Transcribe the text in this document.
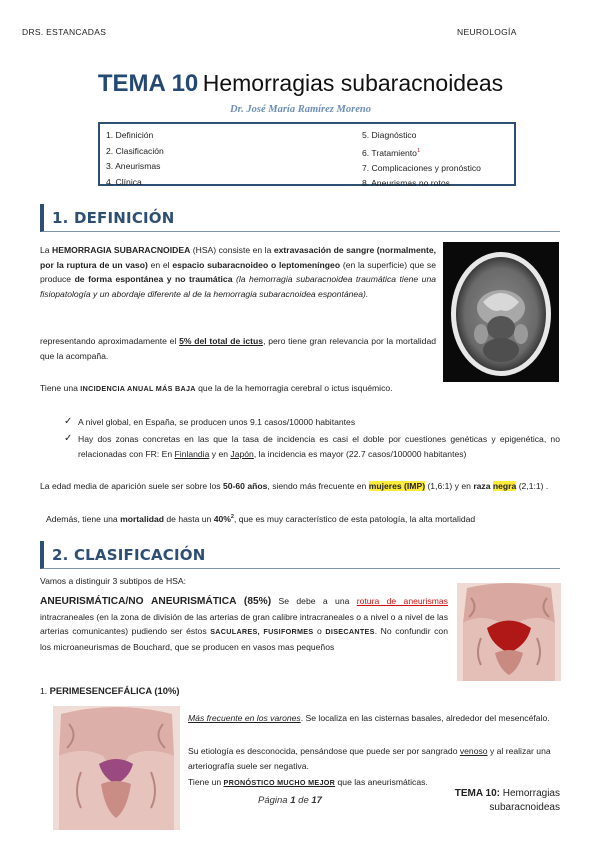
DRS. ESTANCADAS	NEUROLOGÍA
TEMA 10 Hemorragias subaracnoideas
Dr. José María Ramírez Moreno
1. Definición
2. Clasificación
3. Aneurismas
4. Clínica
5. Diagnóstico
6. Tratamiento$^1$
7. Complicaciones y pronóstico
8. Aneurismas no rotos
1. DEFINICIÓN
La HEMORRAGIA SUBARACNOIDEA (HSA) consiste en la extravasación de sangre (normalmente, por la ruptura de un vaso) en el espacio subaracnoideo o leptomeníngeo (en la superficie) que se produce de forma espontánea y no traumática (la hemorragia subaracnoidea traumática tiene una fisiopatología y un abordaje diferente al de la hemorragia subaracnoidea espontánea).
representando aproximadamente el 5% del total de ictus, pero tiene gran relevancia por la mortalidad que la acompaña.
Tiene una INCIDENCIA ANUAL MÁS BAJA que la de la hemorragia cerebral o ictus isquémico.
✓ A nivel global, en España, se producen unos 9.1 casos/10000 habitantes
✓ Hay dos zonas concretas en las que la tasa de incidencia es casi el doble por cuestiones genéticas y epigenética, no relacionadas con FR: En Finlandia y en Japón, la incidencia es mayor (22.7 casos/100000 habitantes)
La edad media de aparición suele ser sobre los 50-60 años, siendo más frecuente en mujeres (IMP) (1,6:1) y en raza negra (2,1:1) .
Además, tiene una mortalidad de hasta un 40%$^2$, que es muy característico de esta patología, la alta mortalidad
2. CLASIFICACIÓN
Vamos a distinguir 3 subtipos de HSA:
ANEURISMÁTICA/NO ANEURISMÁTICA (85%) Se debe a una rotura de aneurismas intracraneales (en la zona de división de las arterias de gran calibre intracraneales o a nivel o a nivel de las arterias comunicantes) pudiendo ser éstos SACULARES, FUSIFORMES o DISECANTES. No confundir con los microaneurismas de Bouchard, que se producen en vasos mas pequeños
1. PERIMESENCEFÁLICA (10%)
Más frecuente en los varones. Se localiza en las cisternas basales, alrededor del mesencéfalo.
Su etiología es desconocida, pensándose que puede ser por sangrado venoso y al realizar una arteriografía suele ser negativa.
Tiene un PRONÓSTICO MUCHO MEJOR que las aneurismáticas.
Página 1 de 17
TEMA 10: Hemorragias
subaracnoideas
